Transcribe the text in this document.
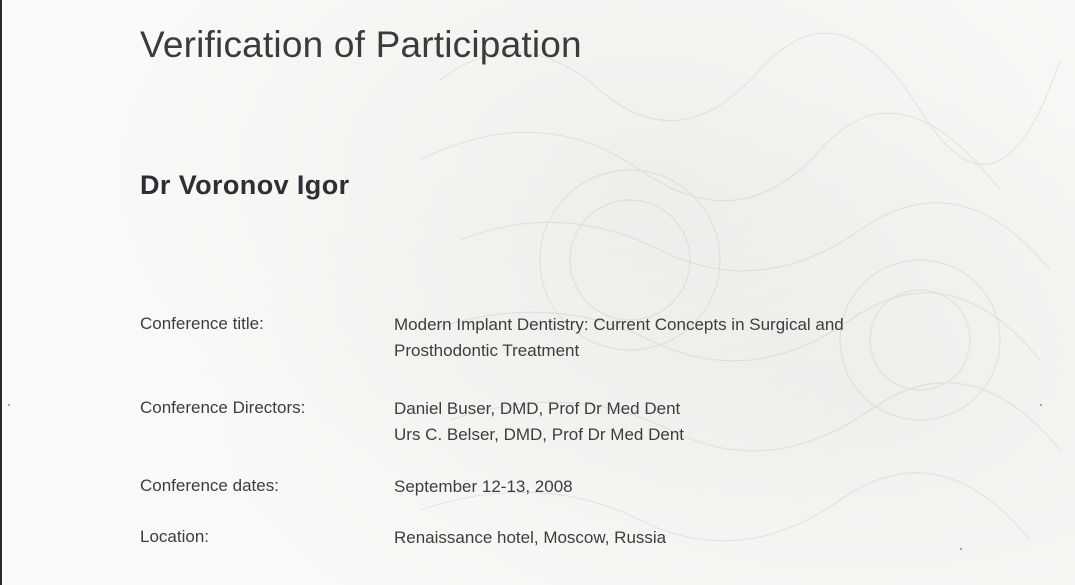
Verification of Participation
Dr Voronov Igor
Conference title:	Modern Implant Dentistry: Current Concepts in Surgical and
Prosthodontic Treatment
Conference Directors:	Daniel Buser, DMD, Prof Dr Med Dent
Urs C. Belser, DMD, Prof Dr Med Dent
Conference dates:	September 12-13, 2008
Location:	Renaissance hotel, Moscow, Russia
